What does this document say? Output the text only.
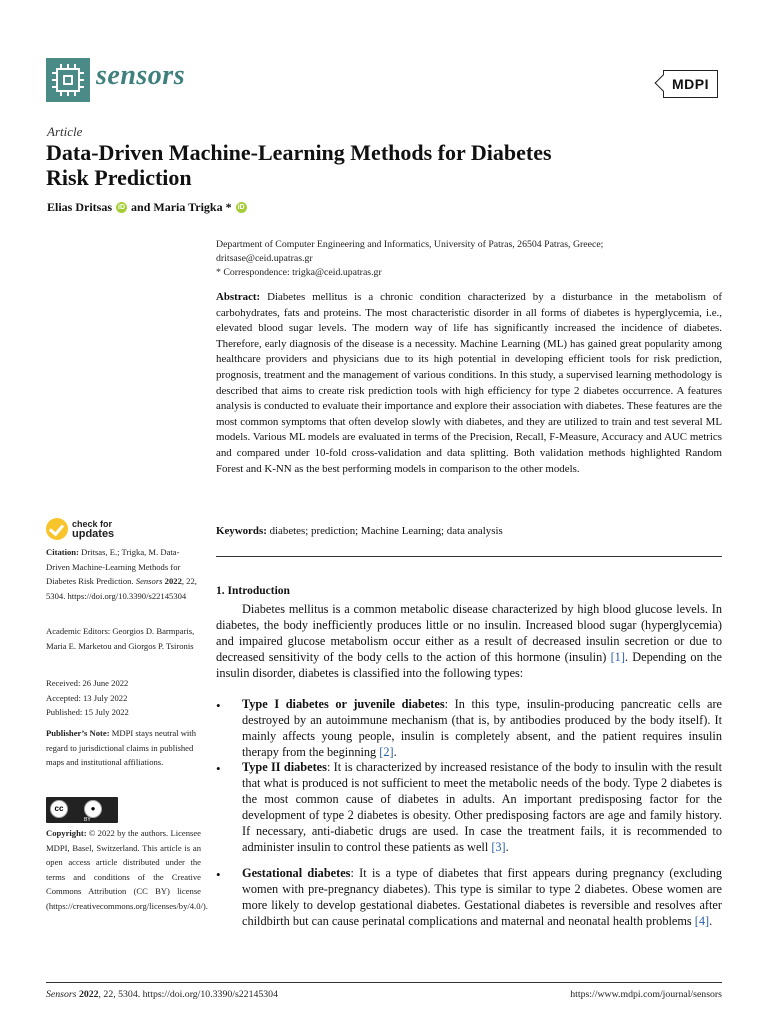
sensors	MDPI
Article
Data-Driven Machine-Learning Methods for Diabetes
Risk Prediction
Elias Dritsas iD and Maria Trigka * iD
Department of Computer Engineering and Informatics, University of Patras, 26504 Patras, Greece;
dritsase@ceid.upatras.gr
* Correspondence: trigka@ceid.upatras.gr
Abstract: Diabetes mellitus is a chronic condition characterized by a disturbance in the metabolism of carbohydrates, fats and proteins. The most characteristic disorder in all forms of diabetes is hyperglycemia, i.e., elevated blood sugar levels. The modern way of life has significantly increased the incidence of diabetes. Therefore, early diagnosis of the disease is a necessity. Machine Learning (ML) has gained great popularity among healthcare providers and physicians due to its high potential in developing efficient tools for risk prediction, prognosis, treatment and the management of various conditions. In this study, a supervised learning methodology is described that aims to create risk prediction tools with high efficiency for type 2 diabetes occurrence. A features analysis is conducted to evaluate their importance and explore their association with diabetes. These features are the most common symptoms that often develop slowly with diabetes, and they are utilized to train and test several ML models. Various ML models are evaluated in terms of the Precision, Recall, F-Measure, Accuracy and AUC metrics and compared under 10-fold cross-validation and data splitting. Both validation methods highlighted Random Forest and K-NN as the best performing models in comparison to the other models.
Keywords: diabetes; prediction; Machine Learning; data analysis
check for
updates
Citation: Dritsas, E.; Trigka, M. Data-Driven Machine-Learning Methods for Diabetes Risk Prediction. Sensors 2022, 22, 5304. https://doi.org/10.3390/s22145304
Academic Editors: Georgios D. Barmparis, Maria E. Marketou and Giorgos P. Tsironis
Received: 26 June 2022
Accepted: 13 July 2022
Published: 15 July 2022
Publisher’s Note: MDPI stays neutral with regard to jurisdictional claims in published maps and institutional affiliations.
cc	●
BY
Copyright: © 2022 by the authors. Licensee MDPI, Basel, Switzerland. This article is an open access article distributed under the terms and conditions of the Creative Commons Attribution (CC BY) license (https://creativecommons.org/licenses/by/4.0/).
1. Introduction
Diabetes mellitus is a common metabolic disease characterized by high blood glucose levels. In diabetes, the body inefficiently produces little or no insulin. Increased blood sugar (hyperglycemia) and impaired glucose metabolism occur either as a result of decreased insulin secretion or due to decreased sensitivity of the body cells to the action of this hormone (insulin) [1]. Depending on the insulin disorder, diabetes is classified into the following types:
• Type I diabetes or juvenile diabetes: In this type, insulin-producing pancreatic cells are destroyed by an autoimmune mechanism (that is, by antibodies produced by the body itself). It mainly affects young people, insulin is completely absent, and the patient requires insulin therapy from the beginning [2].
• Type II diabetes: It is characterized by increased resistance of the body to insulin with the result that what is produced is not sufficient to meet the metabolic needs of the body. Type 2 diabetes is the most common cause of diabetes in adults. An important predisposing factor for the development of type 2 diabetes is obesity. Other predisposing factors are age and family history. If necessary, anti-diabetic drugs are used. In case the treatment fails, it is recommended to administer insulin to control these patients as well [3].
• Gestational diabetes: It is a type of diabetes that first appears during pregnancy (excluding women with pre-pregnancy diabetes). This type is similar to type 2 diabetes. Obese women are more likely to develop gestational diabetes. Gestational diabetes is reversible and resolves after childbirth but can cause perinatal complications and maternal and neonatal health problems [4].
Sensors 2022, 22, 5304. https://doi.org/10.3390/s22145304	https://www.mdpi.com/journal/sensors
